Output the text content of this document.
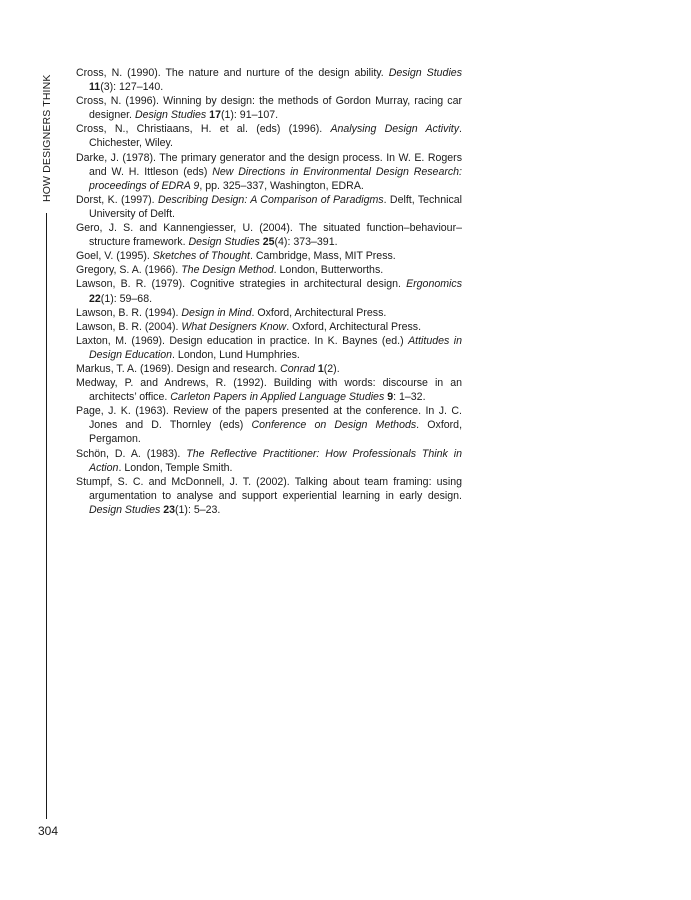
HOW DESIGNERS THINK
304

Cross, N. (1990). The nature and nurture of the design ability. Design Studies 11(3): 127–140.

Cross, N. (1996). Winning by design: the methods of Gordon Murray, racing car designer. Design Studies 17(1): 91–107.

Cross, N., Christiaans, H. et al. (eds) (1996). Analysing Design Activity. Chichester, Wiley.

Darke, J. (1978). The primary generator and the design process. In W. E. Rogers and W. H. Ittleson (eds) New Directions in Environmental Design Research: proceedings of EDRA 9, pp. 325–337, Washington, EDRA.

Dorst, K. (1997). Describing Design: A Comparison of Paradigms. Delft, Technical University of Delft.

Gero, J. S. and Kannengiesser, U. (2004). The situated function–behaviour–structure framework. Design Studies 25(4): 373–391.

Goel, V. (1995). Sketches of Thought. Cambridge, Mass, MIT Press.

Gregory, S. A. (1966). The Design Method. London, Butterworths.

Lawson, B. R. (1979). Cognitive strategies in architectural design. Ergonomics 22(1): 59–68.

Lawson, B. R. (1994). Design in Mind. Oxford, Architectural Press.

Lawson, B. R. (2004). What Designers Know. Oxford, Architectural Press.

Laxton, M. (1969). Design education in practice. In K. Baynes (ed.) Attitudes in Design Education. London, Lund Humphries.

Markus, T. A. (1969). Design and research. Conrad 1(2).

Medway, P. and Andrews, R. (1992). Building with words: discourse in an architects’ office. Carleton Papers in Applied Language Studies 9: 1–32.

Page, J. K. (1963). Review of the papers presented at the conference. In J. C. Jones and D. Thornley (eds) Conference on Design Methods. Oxford, Pergamon.

Schön, D. A. (1983). The Reflective Practitioner: How Professionals Think in Action. London, Temple Smith.

Stumpf, S. C. and McDonnell, J. T. (2002). Talking about team framing: using argumentation to analyse and support experiential learning in early design. Design Studies 23(1): 5–23.
